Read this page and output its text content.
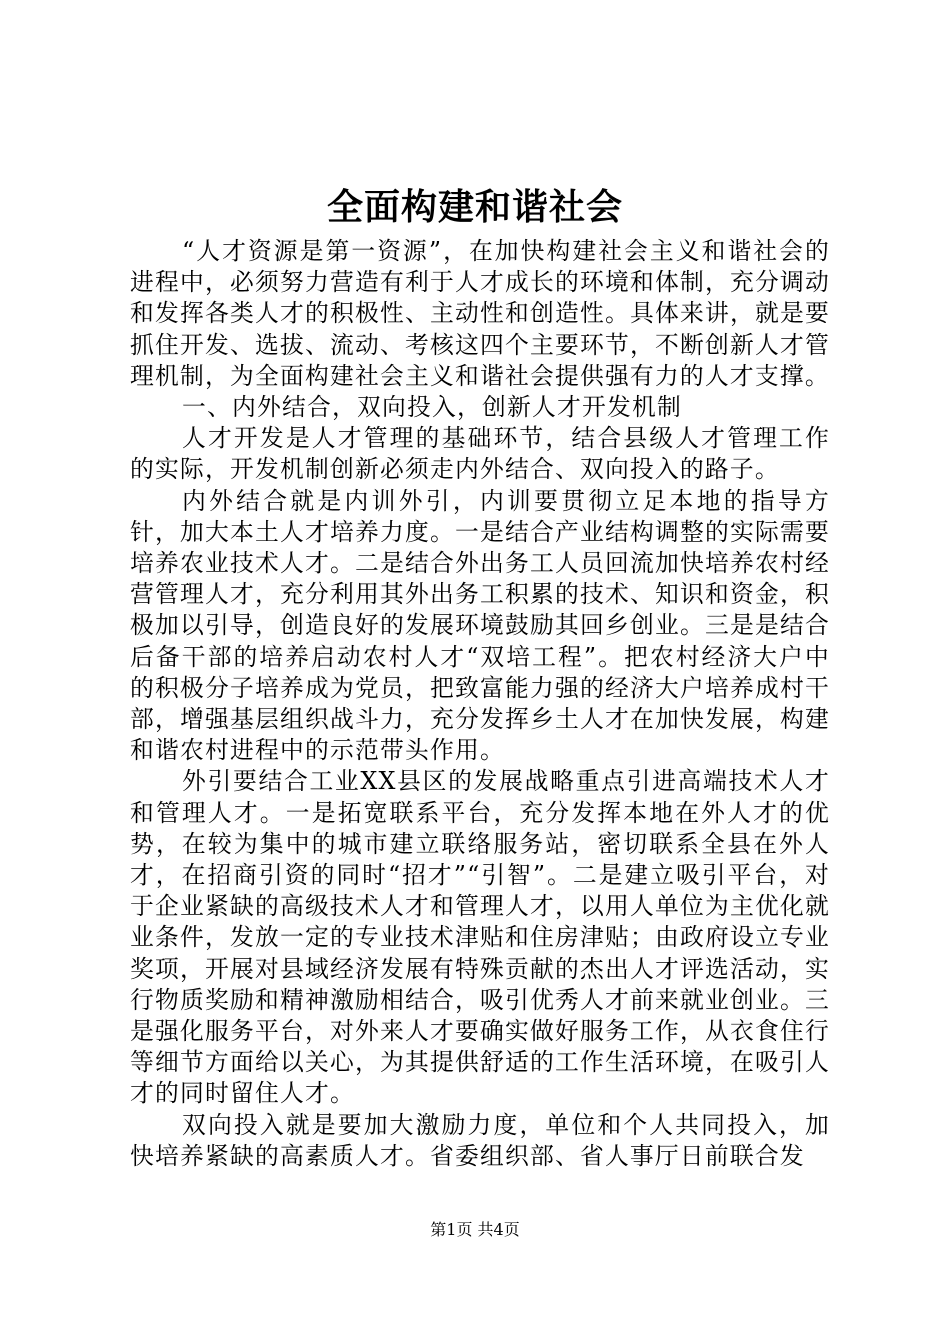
全面构建和谐社会

“人才资源是第一资源”，在加快构建社会主义和谐社会的进程中，必须努力营造有利于人才成长的环境和体制，充分调动和发挥各类人才的积极性、主动性和创造性。具体来讲，就是要抓住开发、选拔、流动、考核这四个主要环节，不断创新人才管理机制，为全面构建社会主义和谐社会提供强有力的人才支撑。

一、内外结合，双向投入，创新人才开发机制

人才开发是人才管理的基础环节，结合县级人才管理工作的实际，开发机制创新必须走内外结合、双向投入的路子。

内外结合就是内训外引，内训要贯彻立足本地的指导方针，加大本土人才培养力度。一是结合产业结构调整的实际需要培养农业技术人才。二是结合外出务工人员回流加快培养农村经营管理人才，充分利用其外出务工积累的技术、知识和资金，积极加以引导，创造良好的发展环境鼓励其回乡创业。三是是结合后备干部的培养启动农村人才“双培工程”。把农村经济大户中的积极分子培养成为党员，把致富能力强的经济大户培养成村干部，增强基层组织战斗力，充分发挥乡土人才在加快发展，构建和谐农村进程中的示范带头作用。

外引要结合工业XX县区的发展战略重点引进高端技术人才和管理人才。一是拓宽联系平台，充分发挥本地在外人才的优势，在较为集中的城市建立联络服务站，密切联系全县在外人才，在招商引资的同时“招才”“引智”。二是建立吸引平台，对于企业紧缺的高级技术人才和管理人才，以用人单位为主优化就业条件，发放一定的专业技术津贴和住房津贴；由政府设立专业奖项，开展对县域经济发展有特殊贡献的杰出人才评选活动，实行物质奖励和精神激励相结合，吸引优秀人才前来就业创业。三是强化服务平台，对外来人才要确实做好服务工作，从衣食住行等细节方面给以关心，为其提供舒适的工作生活环境，在吸引人才的同时留住人才。

双向投入就是要加大激励力度，单位和个人共同投入，加快培养紧缺的高素质人才。省委组织部、省人事厅日前联合发

第1页 共4页
